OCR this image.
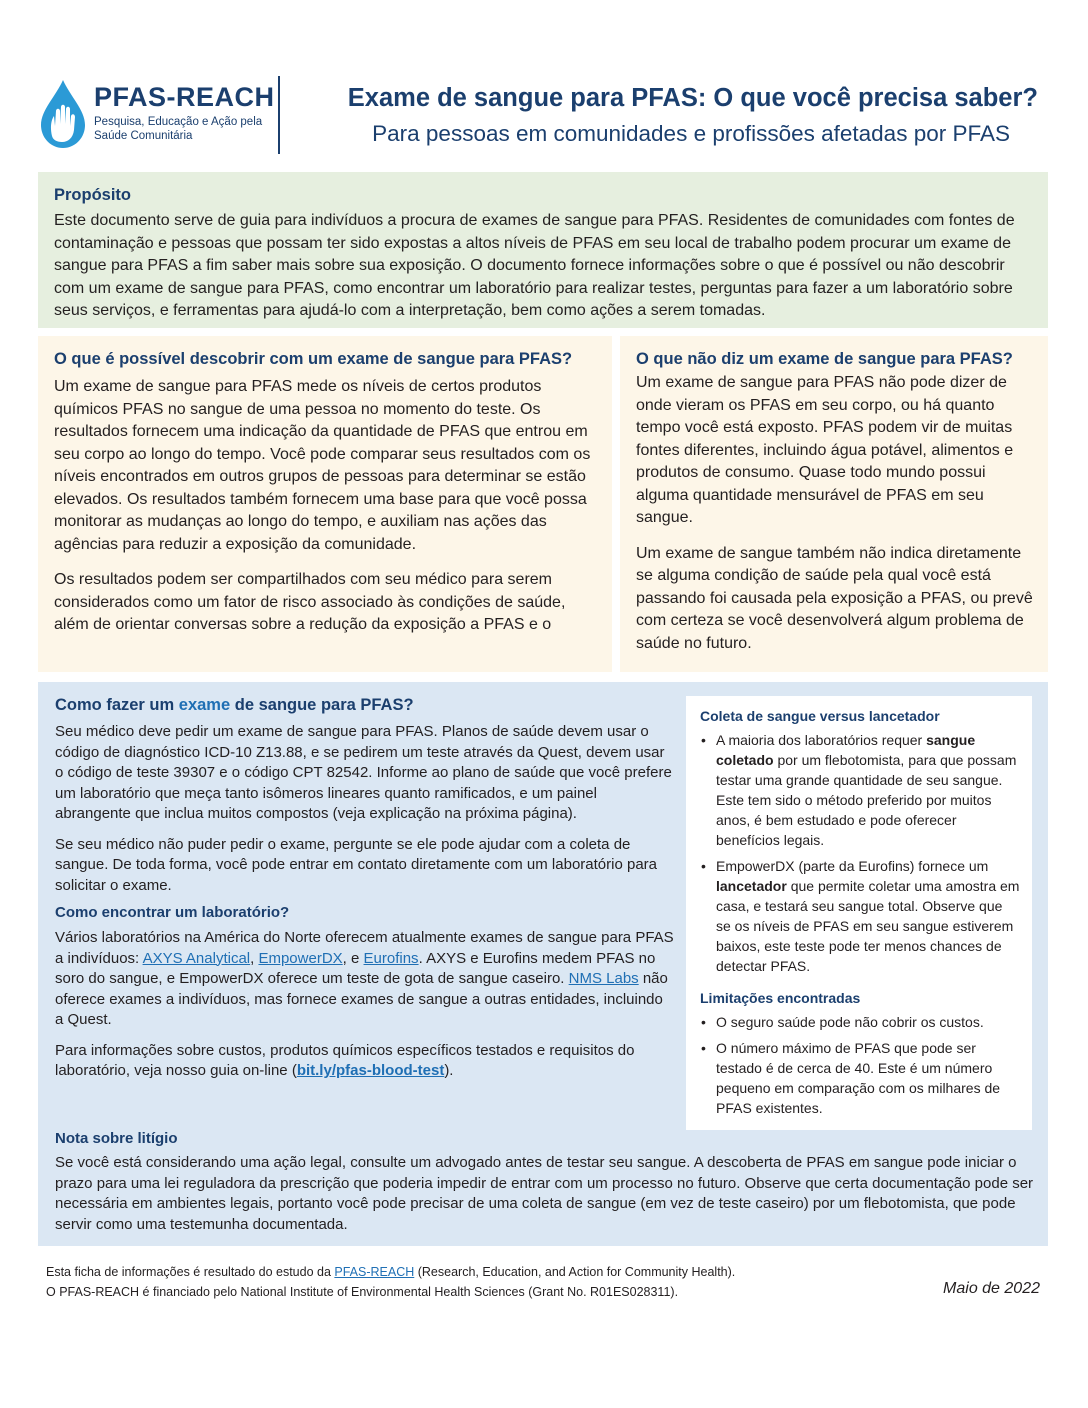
PFAS-REACH
Pesquisa, Educação e Ação pela
Saúde Comunitária
Exame de sangue para PFAS: O que você precisa saber?
Para pessoas em comunidades e profissões afetadas por PFAS
Propósito

Este documento serve de guia para indivíduos a procura de exames de sangue para PFAS. Residentes de comunidades com fontes de contaminação e pessoas que possam ter sido expostas a altos níveis de PFAS em seu local de trabalho podem procurar um exame de sangue para PFAS a fim saber mais sobre sua exposição. O documento fornece informações sobre o que é possível ou não descobrir com um exame de sangue para PFAS, como encontrar um laboratório para realizar testes, perguntas para fazer a um laboratório sobre seus serviços, e ferramentas para ajudá-lo com a interpretação, bem como ações a serem tomadas.

O que é possível descobrir com um exame de sangue para PFAS?

Um exame de sangue para PFAS mede os níveis de certos produtos químicos PFAS no sangue de uma pessoa no momento do teste. Os resultados fornecem uma indicação da quantidade de PFAS que entrou em seu corpo ao longo do tempo. Você pode comparar seus resultados com os níveis encontrados em outros grupos de pessoas para determinar se estão elevados. Os resultados também fornecem uma base para que você possa monitorar as mudanças ao longo do tempo, e auxiliam nas ações das agências para reduzir a exposição da comunidade.

Os resultados podem ser compartilhados com seu médico para serem considerados como um fator de risco associado às condições de saúde, além de orientar conversas sobre a redução da exposição a PFAS e o

O que não diz um exame de sangue para PFAS?

Um exame de sangue para PFAS não pode dizer de onde vieram os PFAS em seu corpo, ou há quanto tempo você está exposto. PFAS podem vir de muitas fontes diferentes, incluindo água potável, alimentos e produtos de consumo. Quase todo mundo possui alguma quantidade mensurável de PFAS em seu sangue.

Um exame de sangue também não indica diretamente se alguma condição de saúde pela qual você está passando foi causada pela exposição a PFAS, ou prevê com certeza se você desenvolverá algum problema de saúde no futuro.

Como fazer um exame de sangue para PFAS?

Seu médico deve pedir um exame de sangue para PFAS. Planos de saúde devem usar o código de diagnóstico ICD-10 Z13.88, e se pedirem um teste através da Quest, devem usar o código de teste 39307 e o código CPT 82542. Informe ao plano de saúde que você prefere um laboratório que meça tanto isômeros lineares quanto ramificados, e um painel abrangente que inclua muitos compostos (veja explicação na próxima página).

Se seu médico não puder pedir o exame, pergunte se ele pode ajudar com a coleta de sangue. De toda forma, você pode entrar em contato diretamente com um laboratório para solicitar o exame.

Como encontrar um laboratório?

Vários laboratórios na América do Norte oferecem atualmente exames de sangue para PFAS a indivíduos: AXYS Analytical, EmpowerDX, e Eurofins. AXYS e Eurofins medem PFAS no soro do sangue, e EmpowerDX oferece um teste de gota de sangue caseiro. NMS Labs não oferece exames a indivíduos, mas fornece exames de sangue a outras entidades, incluindo a Quest.

Para informações sobre custos, produtos químicos específicos testados e requisitos do laboratório, veja nosso guia on-line (bit.ly/pfas-blood-test).

Coleta de sangue versus lancetador
• A maioria dos laboratórios requer sangue coletado por um flebotomista, para que possam testar uma grande quantidade de seu sangue. Este tem sido o método preferido por muitos anos, é bem estudado e pode oferecer benefícios legais.
• EmpowerDX (parte da Eurofins) fornece um lancetador que permite coletar uma amostra em casa, e testará seu sangue total. Observe que se os níveis de PFAS em seu sangue estiverem baixos, este teste pode ter menos chances de detectar PFAS.
Limitações encontradas
• O seguro saúde pode não cobrir os custos.
• O número máximo de PFAS que pode ser testado é de cerca de 40. Este é um número pequeno em comparação com os milhares de PFAS existentes.
Nota sobre litígio

Se você está considerando uma ação legal, consulte um advogado antes de testar seu sangue. A descoberta de PFAS em sangue pode iniciar o prazo para uma lei reguladora da prescrição que poderia impedir de entrar com um processo no futuro. Observe que certa documentação pode ser necessária em ambientes legais, portanto você pode precisar de uma coleta de sangue (em vez de teste caseiro) por um flebotomista, que pode servir como uma testemunha documentada.

Esta ficha de informações é resultado do estudo da PFAS-REACH (Research, Education, and Action for Community Health).
O PFAS-REACH é financiado pelo National Institute of Environmental Health Sciences (Grant No. R01ES028311).	Maio de 2022
